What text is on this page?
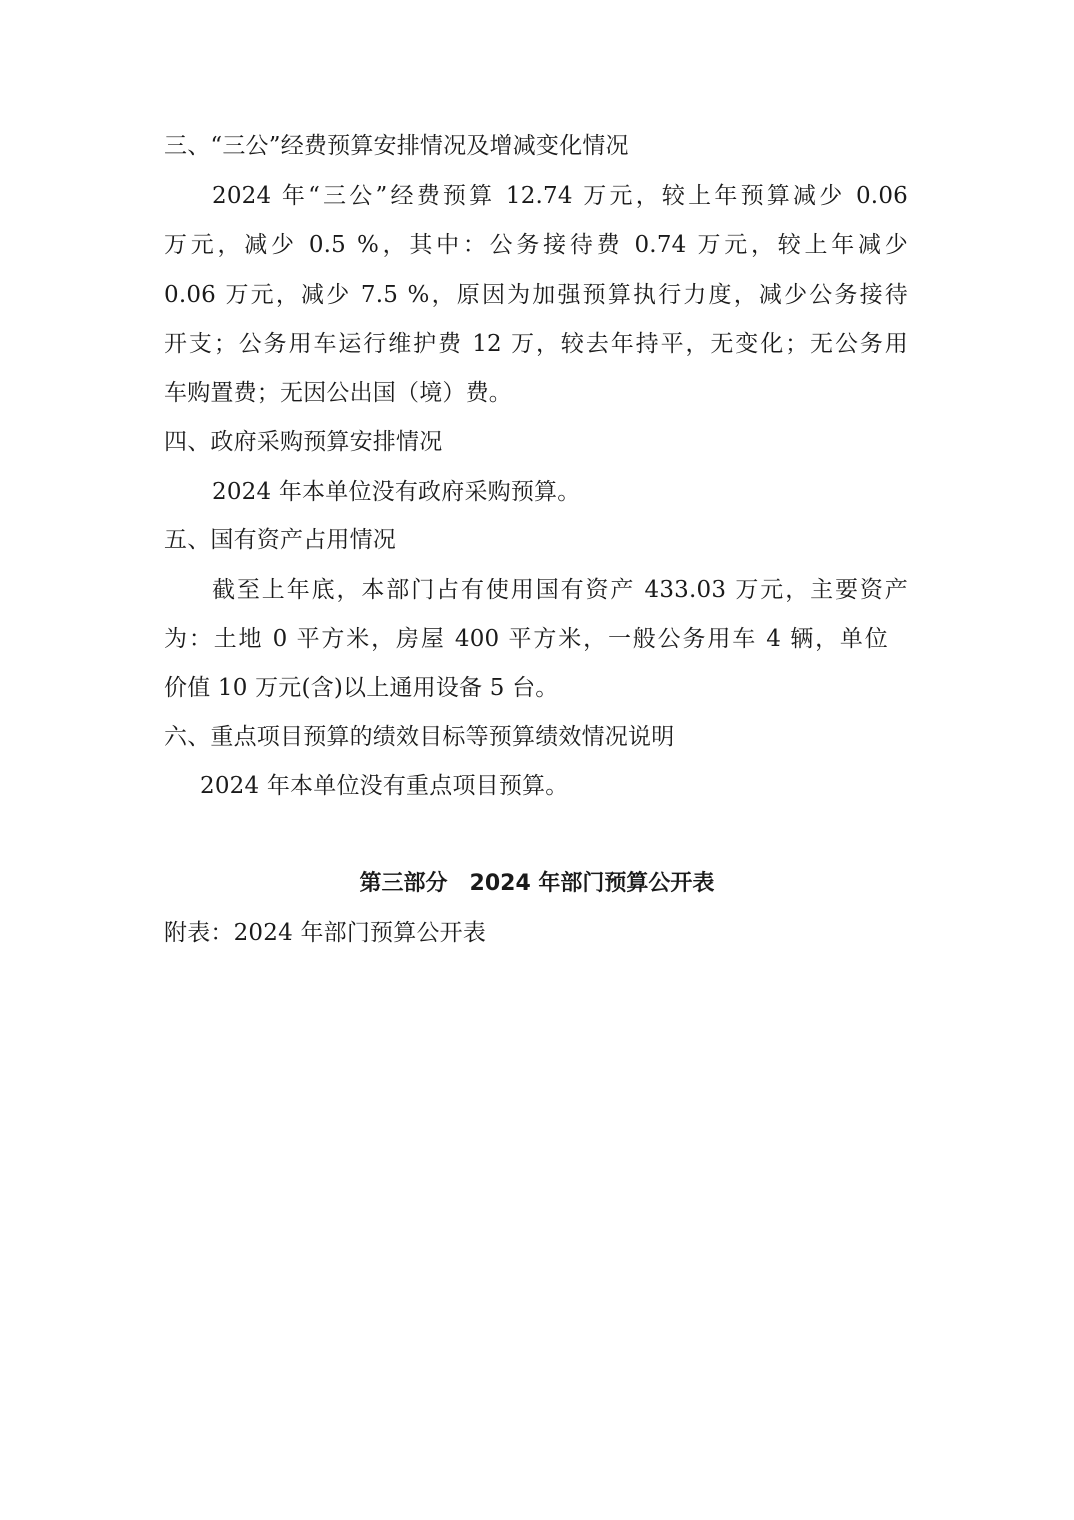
三、“三公”经费预算安排情况及增减变化情况
2024 年“三公”经费预算 12.74 万元，较上年预算减少 0.06
万元，减少 0.5 %，其中：公务接待费 0.74 万元，较上年减少
0.06 万元，减少 7.5 %，原因为加强预算执行力度，减少公务接待
开支；公务用车运行维护费 12 万，较去年持平，无变化；无公务用
车购置费；无因公出国（境）费。
四、政府采购预算安排情况
2024 年本单位没有政府采购预算。
五、国有资产占用情况
截至上年底，本部门占有使用国有资产 433.03 万元，主要资产
为：土地 0 平方米，房屋 400 平方米，一般公务用车 4 辆，单位
价值 10 万元(含)以上通用设备 5 台。
六、重点项目预算的绩效目标等预算绩效情况说明
2024 年本单位没有重点项目预算。
第三部分　2024 年部门预算公开表
附表：2024 年部门预算公开表
